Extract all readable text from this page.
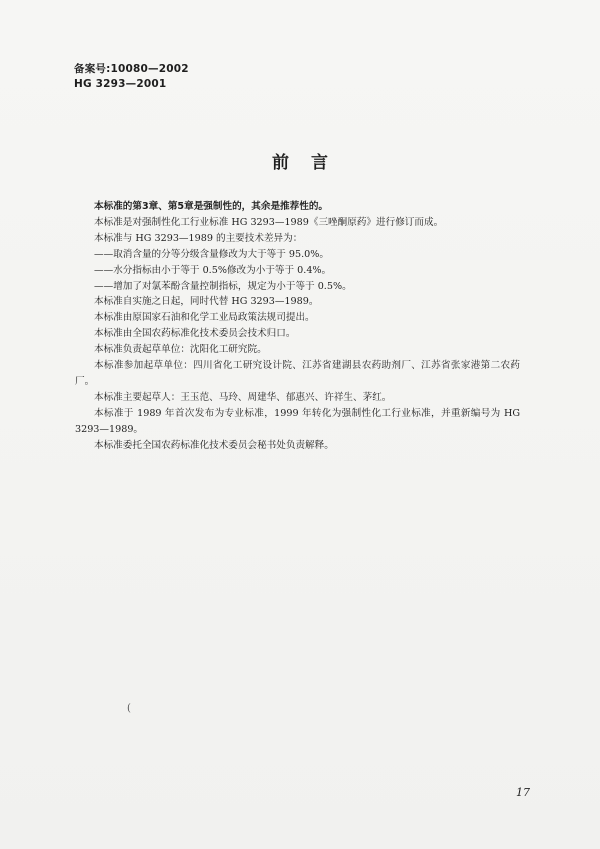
备案号:10080—2002
HG 3293—2001
前言

本标准的第3章、第5章是强制性的，其余是推荐性的。

本标准是对强制性化工行业标准 HG 3293—1989《三唑酮原药》进行修订而成。

本标准与 HG 3293—1989 的主要技术差异为：

——取消含量的分等分级含量修改为大于等于 95.0%。

——水分指标由小于等于 0.5%修改为小于等于 0.4%。

——增加了对氯苯酚含量控制指标，规定为小于等于 0.5%。

本标准自实施之日起，同时代替 HG 3293—1989。

本标准由原国家石油和化学工业局政策法规司提出。

本标准由全国农药标准化技术委员会技术归口。

本标准负责起草单位：沈阳化工研究院。

本标准参加起草单位：四川省化工研究设计院、江苏省建湖县农药助剂厂、江苏省张家港第二农药厂。

本标准主要起草人：王玉范、马玲、周建华、郁惠兴、许祥生、茅红。

本标准于 1989 年首次发布为专业标准，1999 年转化为强制性化工行业标准，并重新编号为 HG 3293—1989。

本标准委托全国农药标准化技术委员会秘书处负责解释。

(
17
